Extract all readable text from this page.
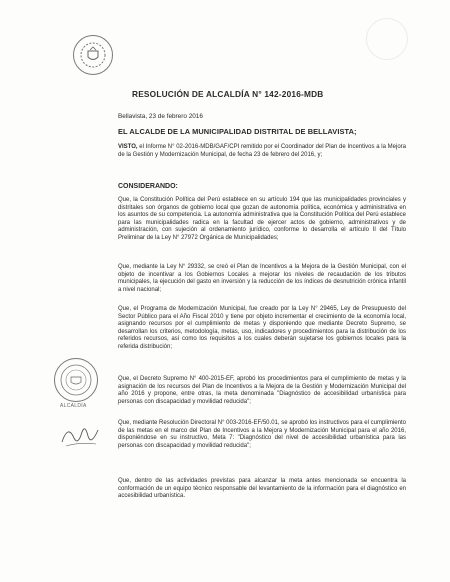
RESOLUCIÓN DE ALCALDÍA N° 142-2016-MDB
Bellavista, 23 de febrero 2016
EL ALCALDE DE LA MUNICIPALIDAD DISTRITAL DE BELLAVISTA;
VISTO, el Informe N° 02-2016-MDB/GAF/CPI remitido por el Coordinador del Plan de Incentivos a la Mejora de la Gestión y Modernización Municipal, de fecha 23 de febrero del 2016, y;
CONSIDERANDO:
Que, la Constitución Política del Perú establece en su artículo 194 que las municipalidades provinciales y distritales son órganos de gobierno local que gozan de autonomía política, económica y administrativa en los asuntos de su competencia. La autonomía administrativa que la Constitución Política del Perú establece para las municipalidades radica en la facultad de ejercer actos de gobierno, administrativos y de administración, con sujeción al ordenamiento jurídico, conforme lo desarrolla el artículo II del Título Preliminar de la Ley N° 27972 Orgánica de Municipalidades;
Que, mediante la Ley N° 29332, se creó el Plan de Incentivos a la Mejora de la Gestión Municipal, con el objeto de incentivar a los Gobiernos Locales a mejorar los niveles de recaudación de los tributos municipales, la ejecución del gasto en inversión y la reducción de los índices de desnutrición crónica infantil a nivel nacional;
Que, el Programa de Modernización Municipal, fue creado por la Ley N° 29465, Ley de Presupuesto del Sector Público para el Año Fiscal 2010 y tiene por objeto incrementar el crecimiento de la economía local, asignando recursos por el cumplimiento de metas y disponiendo que mediante Decreto Supremo, se desarrollan los criterios, metodología, metas, uso, indicadores y procedimientos para la distribución de los referidos recursos, así como los requisitos a los cuales deberán sujetarse los gobiernos locales para la referida distribución;
Que, el Decreto Supremo N° 400-2015-EF, aprobó los procedimientos para el cumplimiento de metas y la asignación de los recursos del Plan de Incentivos a la Mejora de la Gestión y Modernización Municipal del año 2016 y propone, entre otras, la meta denominada "Diagnóstico de accesibilidad urbanística para personas con discapacidad y movilidad reducida";
Que, mediante Resolución Directoral N° 003-2016-EF/50.01, se aprobó los instructivos para el cumplimiento de las metas en el marco del Plan de Incentivos a la Mejora y Modernización Municipal para el año 2016, disponiéndose en su instructivo, Meta 7: "Diagnóstico del nivel de accesibilidad urbanística para las personas con discapacidad y movilidad reducida";
Que, dentro de las actividades previstas para alcanzar la meta antes mencionada se encuentra la conformación de un equipo técnico responsable del levantamiento de la información para el diagnóstico en accesibilidad urbanística.
ALCALDÍA
